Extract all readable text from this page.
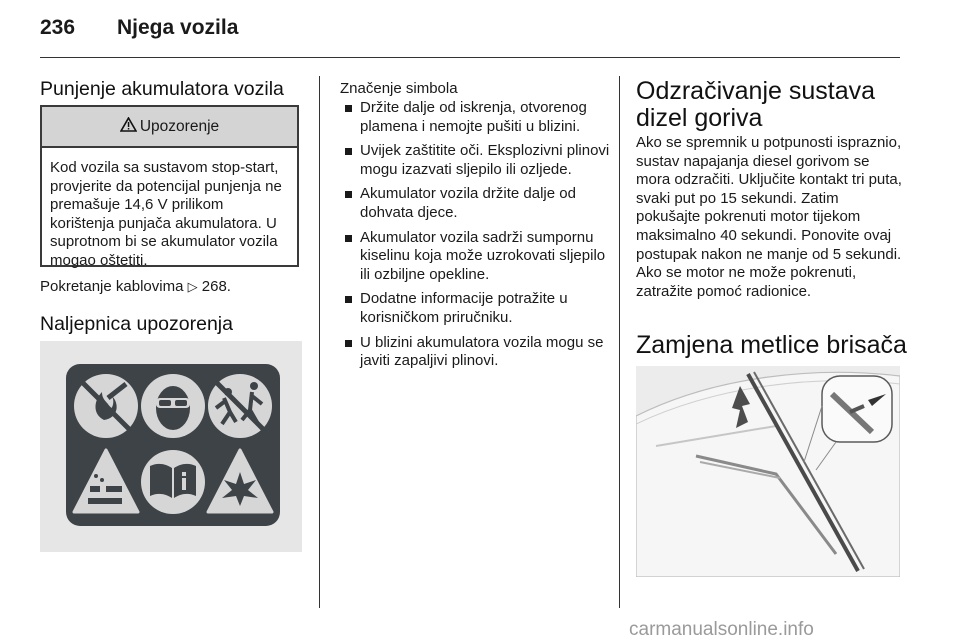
236 Njega vozila
Punjenje akumulatora vozila
Upozorenje
Kod vozila sa sustavom stop-start, provjerite da potencijal punjenja ne premašuje 14,6 V prilikom korištenja punjača akumulatora. U suprotnom bi se akumulator vozila mogao oštetiti.
Pokretanje kablovima ▷ 268.
Naljepnica upozorenja
Značenje simbola
Držite dalje od iskrenja, otvorenog plamena i nemojte pušiti u blizini.
Uvijek zaštitite oči. Eksplozivni plinovi mogu izazvati sljepilo ili ozljede.
Akumulator vozila držite dalje od dohvata djece.
Akumulator vozila sadrži sumpornu kiselinu koja može uzrokovati sljepilo ili ozbiljne opekline.
Dodatne informacije potražite u korisničkom priručniku.
U blizini akumulatora vozila mogu se javiti zapaljivi plinovi.
Odzračivanje sustava dizel goriva
Ako se spremnik u potpunosti ispraznio, sustav napajanja diesel gorivom se mora odzračiti. Uključite kontakt tri puta, svaki put po 15 sekundi. Zatim pokušajte pokrenuti motor tijekom maksimalno 40 sekundi. Ponovite ovaj postupak nakon ne manje od 5 sekundi. Ako se motor ne može pokrenuti, zatražite pomoć radionice.
Zamjena metlice brisača
carmanualsonline.info
